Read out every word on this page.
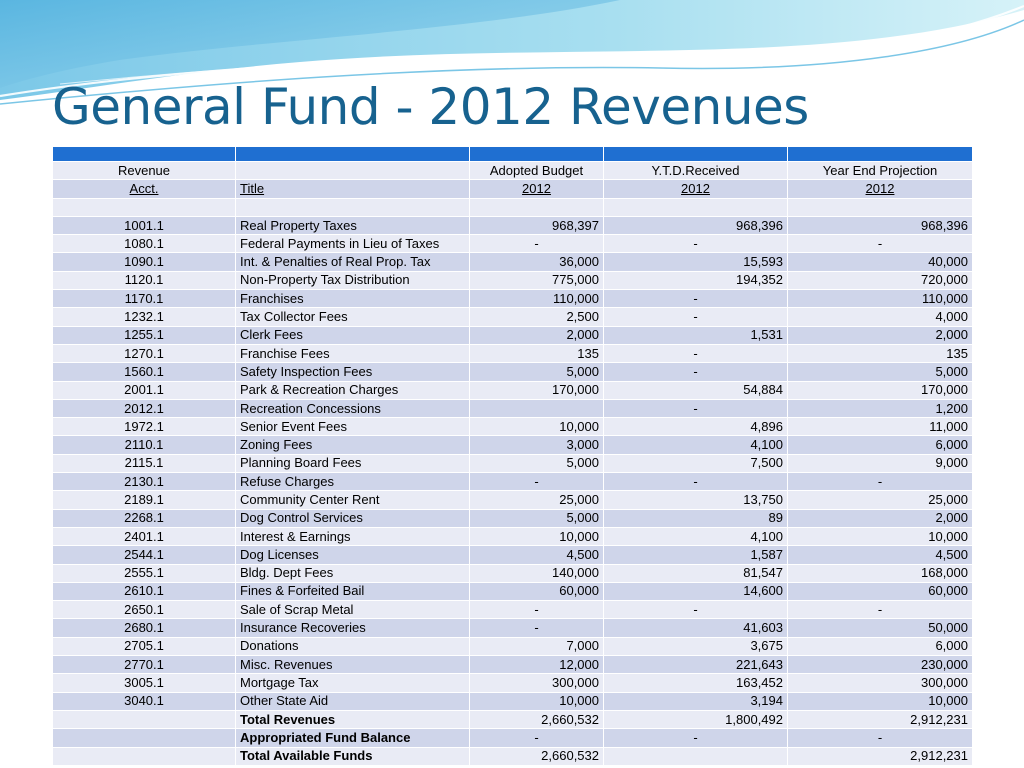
General Fund - 2012 Revenues

Revenue		Adopted Budget	Y.T.D.Received	Year End Projection
Acct.	Title	2012	2012	2012

1001.1	Real Property Taxes	968,397	968,396	968,396
1080.1	Federal Payments in Lieu of Taxes	-	-	-
1090.1	Int. & Penalties of Real Prop. Tax	36,000	15,593	40,000
1120.1	Non-Property Tax Distribution	775,000	194,352	720,000
1170.1	Franchises	110,000	-	110,000
1232.1	Tax Collector Fees	2,500	-	4,000
1255.1	Clerk Fees	2,000	1,531	2,000
1270.1	Franchise Fees	135	-	135
1560.1	Safety Inspection Fees	5,000	-	5,000
2001.1	Park & Recreation Charges	170,000	54,884	170,000
2012.1	Recreation Concessions		-	1,200
1972.1	Senior Event Fees	10,000	4,896	11,000
2110.1	Zoning Fees	3,000	4,100	6,000
2115.1	Planning Board Fees	5,000	7,500	9,000
2130.1	Refuse Charges	-	-	-
2189.1	Community Center Rent	25,000	13,750	25,000
2268.1	Dog Control Services	5,000	89	2,000
2401.1	Interest & Earnings	10,000	4,100	10,000
2544.1	Dog Licenses	4,500	1,587	4,500
2555.1	Bldg. Dept Fees	140,000	81,547	168,000
2610.1	Fines & Forfeited Bail	60,000	14,600	60,000
2650.1	Sale of Scrap Metal	-	-	-
2680.1	Insurance Recoveries	-	41,603	50,000
2705.1	Donations	7,000	3,675	6,000
2770.1	Misc. Revenues	12,000	221,643	230,000
3005.1	Mortgage Tax	300,000	163,452	300,000
3040.1	Other State Aid	10,000	3,194	10,000
	Total Revenues	2,660,532	1,800,492	2,912,231
	Appropriated Fund Balance	-	-	-
	Total Available Funds	2,660,532		2,912,231
